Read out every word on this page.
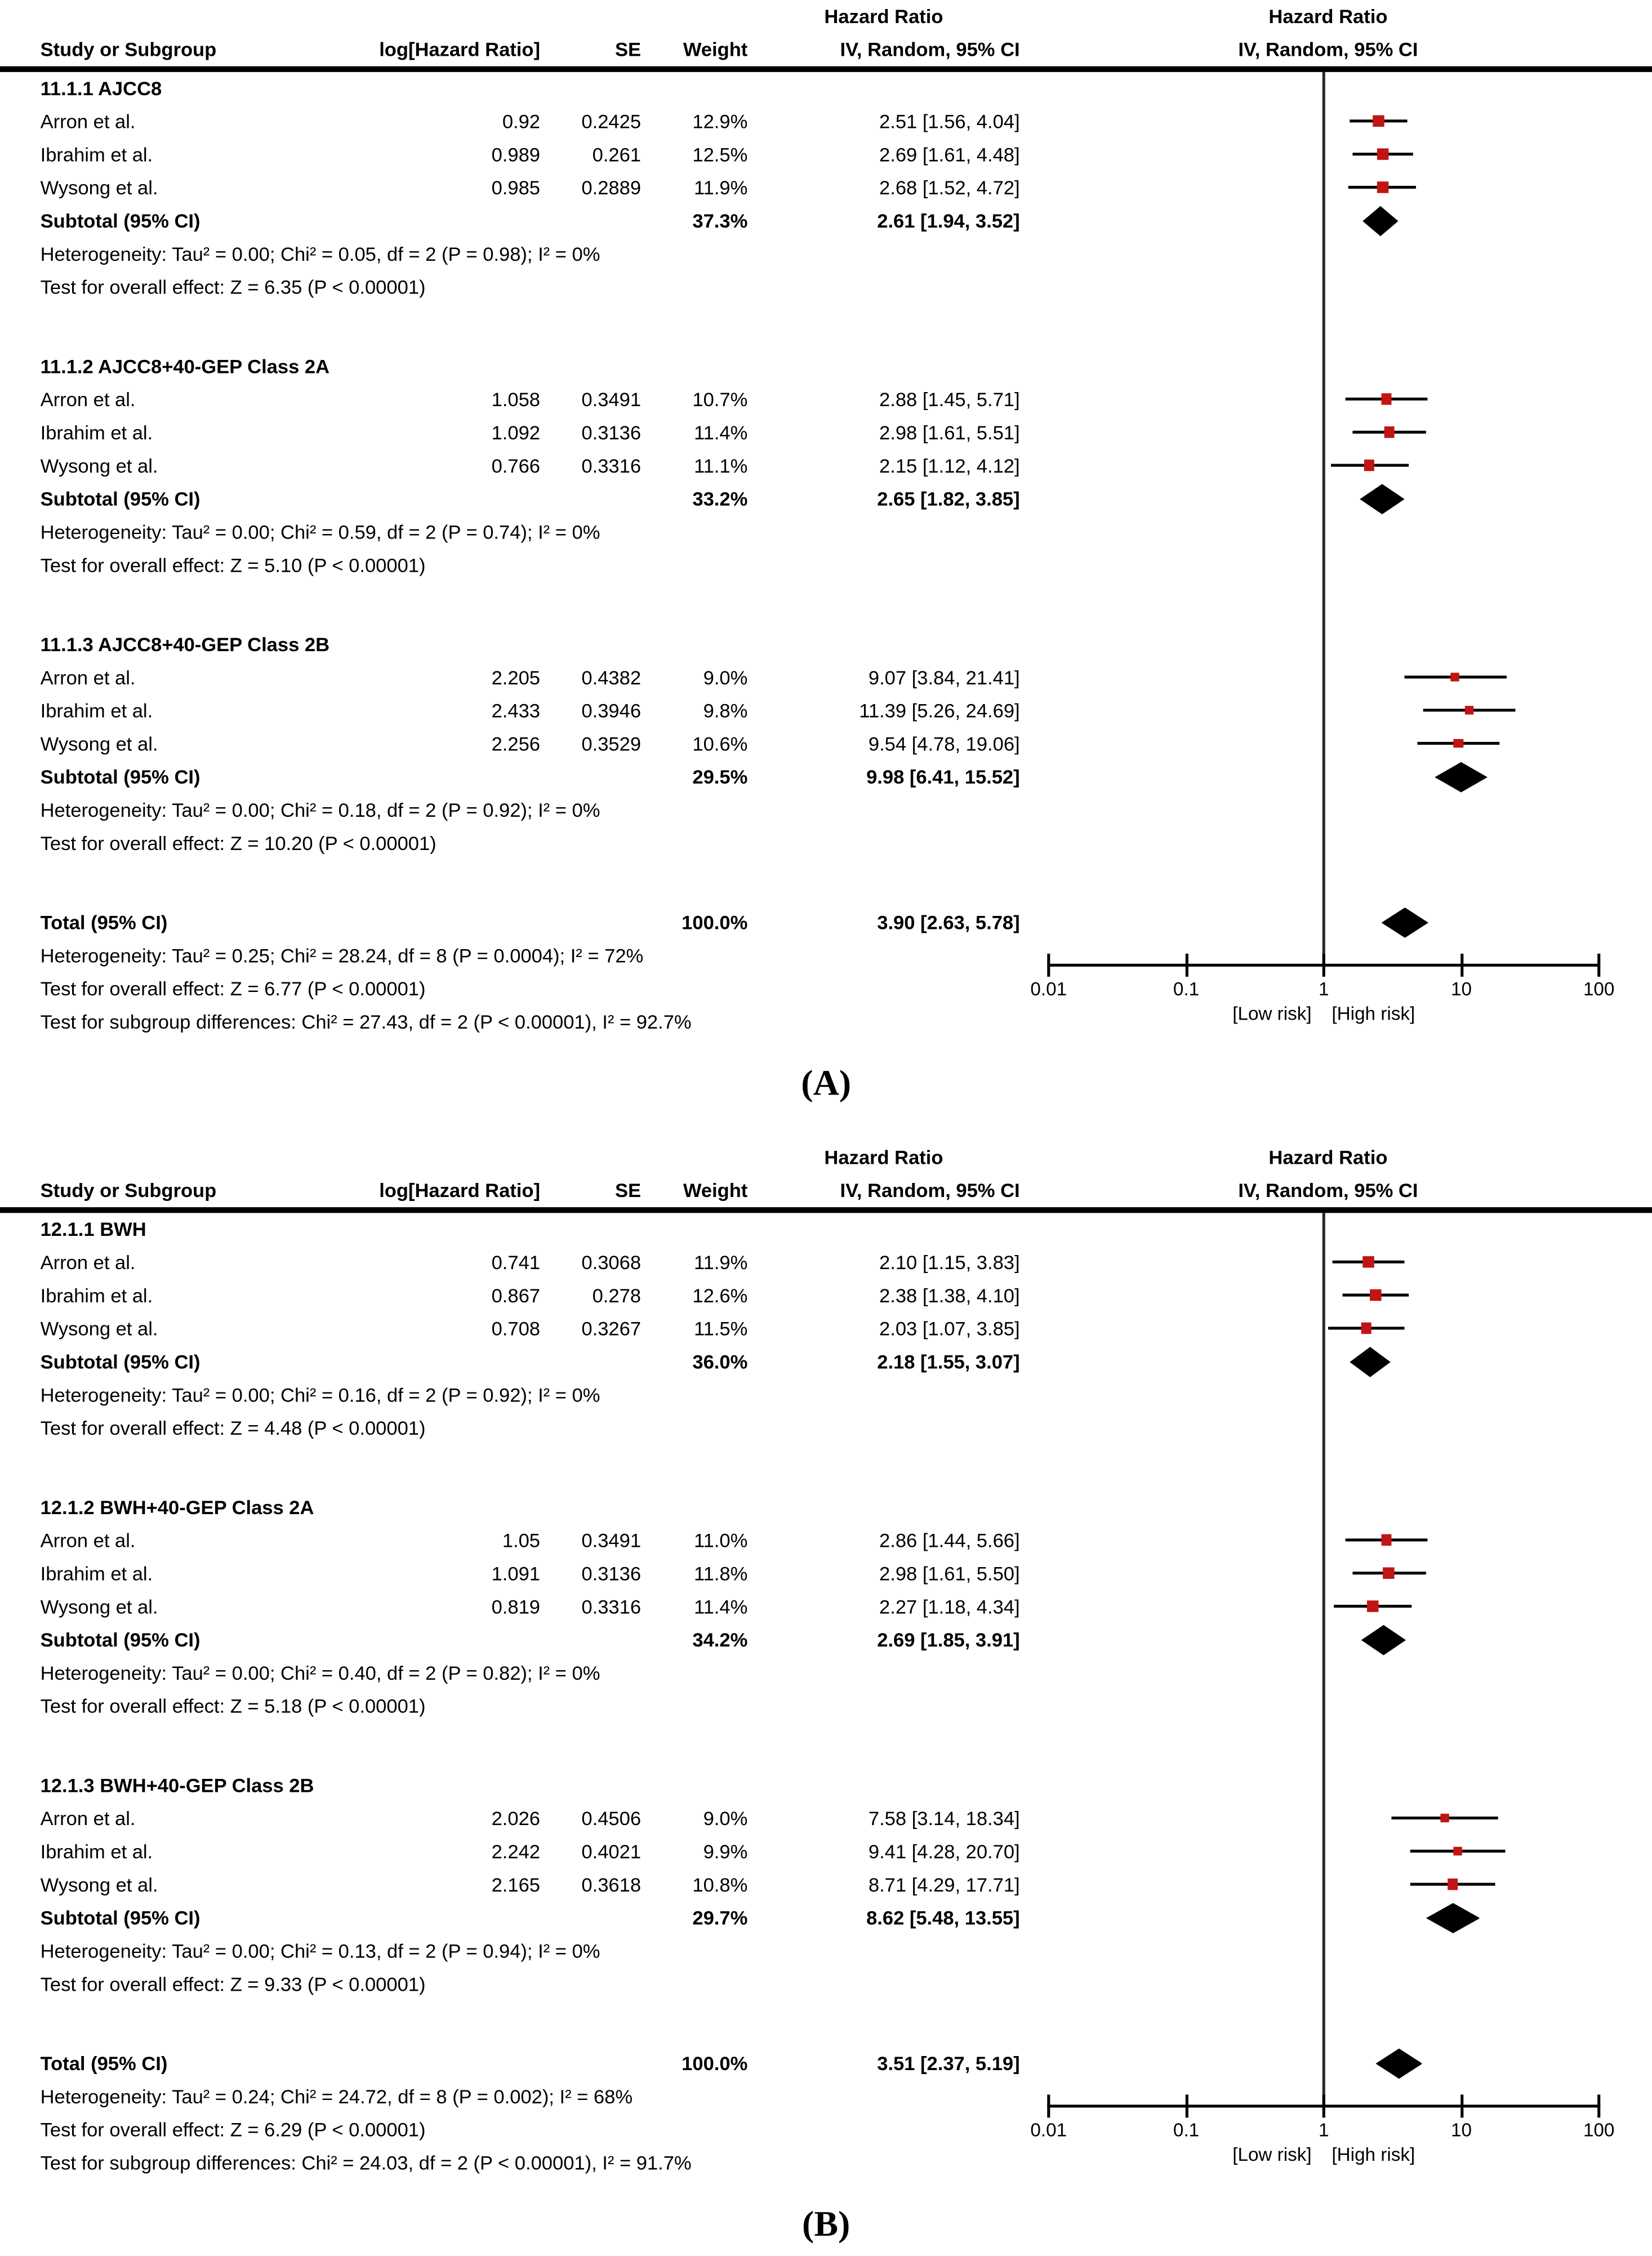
Hazard Ratio	Hazard Ratio
Study or Subgroup	log[Hazard Ratio]	SE	Weight	IV, Random, 95% CI	IV, Random, 95% CI
11.1.1 AJCC8
Arron et al.	0.92	0.2425	12.9%	2.51 [1.56, 4.04]
Ibrahim et al.	0.989	0.261	12.5%	2.69 [1.61, 4.48]
Wysong et al.	0.985	0.2889	11.9%	2.68 [1.52, 4.72]
Subtotal (95% CI)	37.3%	2.61 [1.94, 3.52]
Heterogeneity: Tau² = 0.00; Chi² = 0.05, df = 2 (P = 0.98); I² = 0%
Test for overall effect: Z = 6.35 (P < 0.00001)
11.1.2 AJCC8+40-GEP Class 2A
Arron et al.	1.058	0.3491	10.7%	2.88 [1.45, 5.71]
Ibrahim et al.	1.092	0.3136	11.4%	2.98 [1.61, 5.51]
Wysong et al.	0.766	0.3316	11.1%	2.15 [1.12, 4.12]
Subtotal (95% CI)	33.2%	2.65 [1.82, 3.85]
Heterogeneity: Tau² = 0.00; Chi² = 0.59, df = 2 (P = 0.74); I² = 0%
Test for overall effect: Z = 5.10 (P < 0.00001)
11.1.3 AJCC8+40-GEP Class 2B
Arron et al.	2.205	0.4382	9.0%	9.07 [3.84, 21.41]
Ibrahim et al.	2.433	0.3946	9.8%	11.39 [5.26, 24.69]
Wysong et al.	2.256	0.3529	10.6%	9.54 [4.78, 19.06]
Subtotal (95% CI)	29.5%	9.98 [6.41, 15.52]
Heterogeneity: Tau² = 0.00; Chi² = 0.18, df = 2 (P = 0.92); I² = 0%
Test for overall effect: Z = 10.20 (P < 0.00001)
Total (95% CI)	100.0%	3.90 [2.63, 5.78]
Heterogeneity: Tau² = 0.25; Chi² = 28.24, df = 8 (P = 0.0004); I² = 72%
Test for overall effect: Z = 6.77 (P < 0.00001)
Test for subgroup differences: Chi² = 27.43, df = 2 (P < 0.00001), I² = 92.7%
(A)
0.01	0.1	1	10	100
[Low risk]	[High risk]
Hazard Ratio	Hazard Ratio
Study or Subgroup	log[Hazard Ratio]	SE	Weight	IV, Random, 95% CI	IV, Random, 95% CI
12.1.1 BWH
Arron et al.	0.741	0.3068	11.9%	2.10 [1.15, 3.83]
Ibrahim et al.	0.867	0.278	12.6%	2.38 [1.38, 4.10]
Wysong et al.	0.708	0.3267	11.5%	2.03 [1.07, 3.85]
Subtotal (95% CI)	36.0%	2.18 [1.55, 3.07]
Heterogeneity: Tau² = 0.00; Chi² = 0.16, df = 2 (P = 0.92); I² = 0%
Test for overall effect: Z = 4.48 (P < 0.00001)
12.1.2 BWH+40-GEP Class 2A
Arron et al.	1.05	0.3491	11.0%	2.86 [1.44, 5.66]
Ibrahim et al.	1.091	0.3136	11.8%	2.98 [1.61, 5.50]
Wysong et al.	0.819	0.3316	11.4%	2.27 [1.18, 4.34]
Subtotal (95% CI)	34.2%	2.69 [1.85, 3.91]
Heterogeneity: Tau² = 0.00; Chi² = 0.40, df = 2 (P = 0.82); I² = 0%
Test for overall effect: Z = 5.18 (P < 0.00001)
12.1.3 BWH+40-GEP Class 2B
Arron et al.	2.026	0.4506	9.0%	7.58 [3.14, 18.34]
Ibrahim et al.	2.242	0.4021	9.9%	9.41 [4.28, 20.70]
Wysong et al.	2.165	0.3618	10.8%	8.71 [4.29, 17.71]
Subtotal (95% CI)	29.7%	8.62 [5.48, 13.55]
Heterogeneity: Tau² = 0.00; Chi² = 0.13, df = 2 (P = 0.94); I² = 0%
Test for overall effect: Z = 9.33 (P < 0.00001)
Total (95% CI)	100.0%	3.51 [2.37, 5.19]
Heterogeneity: Tau² = 0.24; Chi² = 24.72, df = 8 (P = 0.002); I² = 68%
Test for overall effect: Z = 6.29 (P < 0.00001)
Test for subgroup differences: Chi² = 24.03, df = 2 (P < 0.00001), I² = 91.7%
(B)
0.01	0.1	1	10	100
[Low risk]	[High risk]
